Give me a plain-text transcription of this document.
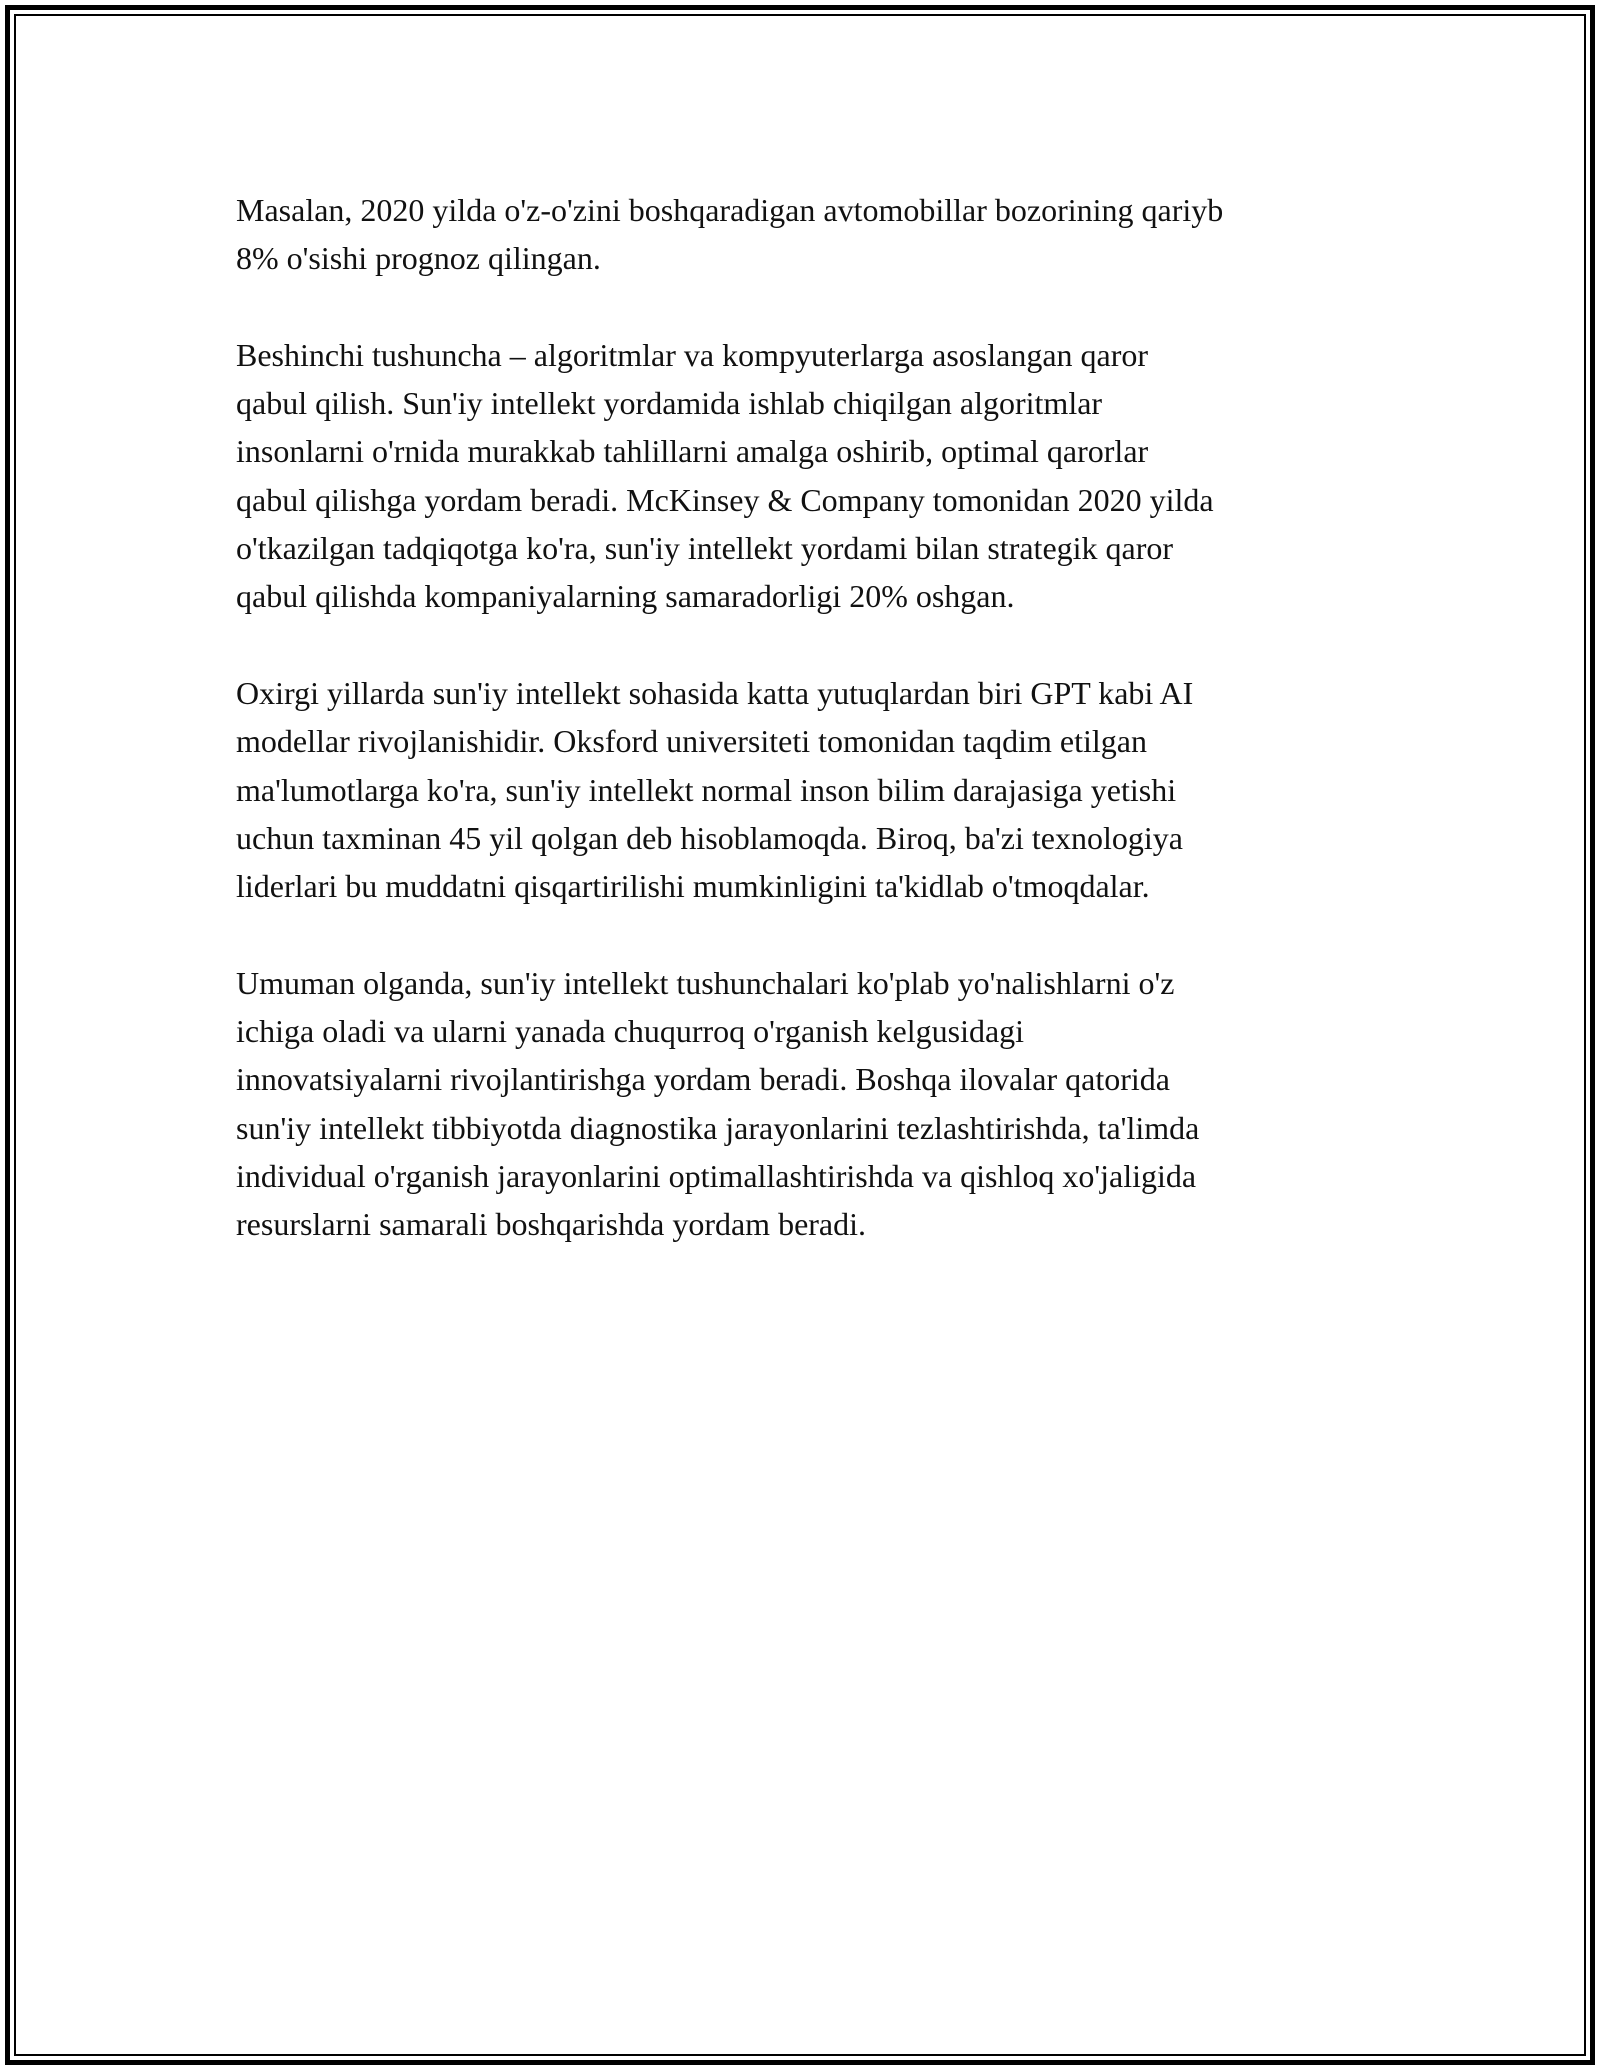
Masalan, 2020 yilda o'z-o'zini boshqaradigan avtomobillar bozorining qariyb
8% o'sishi prognoz qilingan.

Beshinchi tushuncha – algoritmlar va kompyuterlarga asoslangan qaror
qabul qilish. Sun'iy intellekt yordamida ishlab chiqilgan algoritmlar
insonlarni o'rnida murakkab tahlillarni amalga oshirib, optimal qarorlar
qabul qilishga yordam beradi. McKinsey & Company tomonidan 2020 yilda
o'tkazilgan tadqiqotga ko'ra, sun'iy intellekt yordami bilan strategik qaror
qabul qilishda kompaniyalarning samaradorligi 20% oshgan.

Oxirgi yillarda sun'iy intellekt sohasida katta yutuqlardan biri GPT kabi AI
modellar rivojlanishidir. Oksford universiteti tomonidan taqdim etilgan
ma'lumotlarga ko'ra, sun'iy intellekt normal inson bilim darajasiga yetishi
uchun taxminan 45 yil qolgan deb hisoblamoqda. Biroq, ba'zi texnologiya
liderlari bu muddatni qisqartirilishi mumkinligini ta'kidlab o'tmoqdalar.

Umuman olganda, sun'iy intellekt tushunchalari ko'plab yo'nalishlarni o'z
ichiga oladi va ularni yanada chuqurroq o'rganish kelgusidagi
innovatsiyalarni rivojlantirishga yordam beradi. Boshqa ilovalar qatorida
sun'iy intellekt tibbiyotda diagnostika jarayonlarini tezlashtirishda, ta'limda
individual o'rganish jarayonlarini optimallashtirishda va qishloq xo'jaligida
resurslarni samarali boshqarishda yordam beradi.
